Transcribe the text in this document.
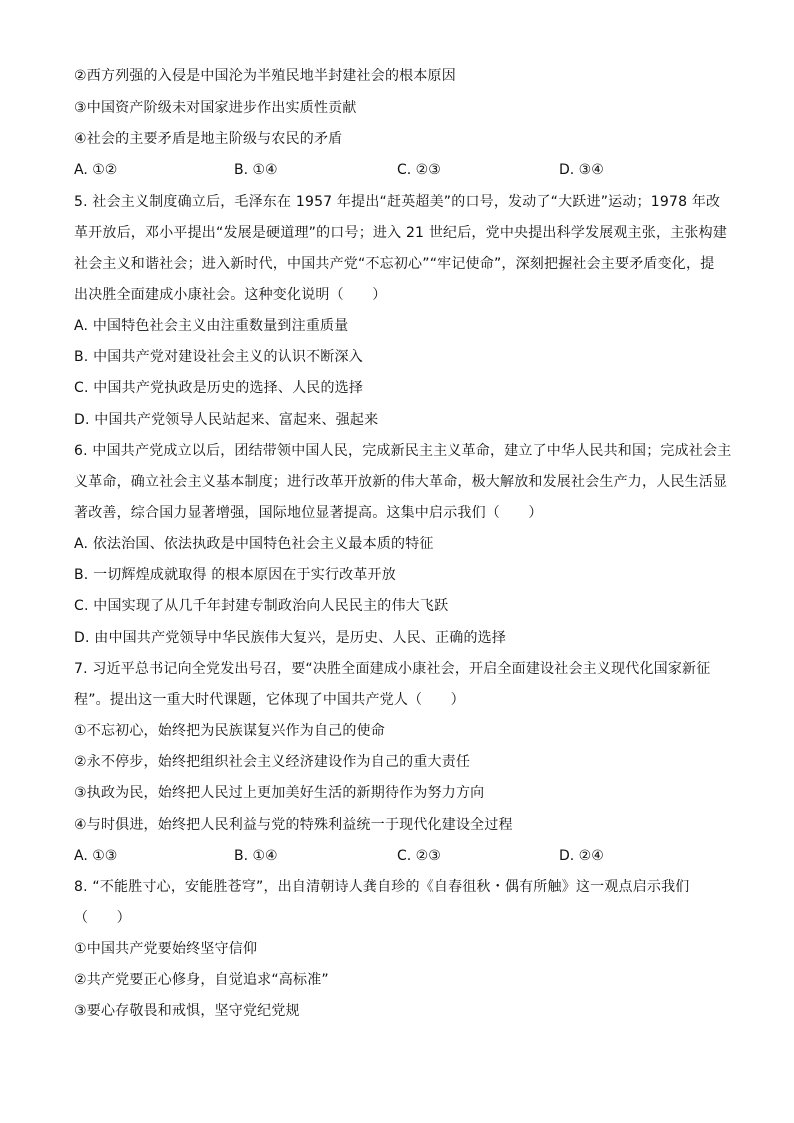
②西方列强的入侵是中国沦为半殖民地半封建社会的根本原因
③中国资产阶级未对国家进步作出实质性贡献
④社会的主要矛盾是地主阶级与农民的矛盾
A. ①②	B. ①④	C. ②③	D. ③④
5. 社会主义制度确立后，毛泽东在 1957 年提出“赶英超美”的口号，发动了“大跃进”运动；1978 年改
革开放后，邓小平提出“发展是硬道理”的口号；进入 21 世纪后，党中央提出科学发展观主张，主张构建
社会主义和谐社会；进入新时代，中国共产党“不忘初心”“牢记使命”，深刻把握社会主要矛盾变化，提
出决胜全面建成小康社会。这种变化说明（　　）
A. 中国特色社会主义由注重数量到注重质量
B. 中国共产党对建设社会主义的认识不断深入
C. 中国共产党执政是历史的选择、人民的选择
D. 中国共产党领导人民站起来、富起来、强起来
6. 中国共产党成立以后，团结带领中国人民，完成新民主主义革命，建立了中华人民共和国；完成社会主
义革命，确立社会主义基本制度；进行改革开放新的伟大革命，极大解放和发展社会生产力，人民生活显
著改善，综合国力显著增强，国际地位显著提高。这集中启示我们（　　）
A. 依法治国、依法执政是中国特色社会主义最本质的特征
B. 一切辉煌成就取得 的根本原因在于实行改革开放
C. 中国实现了从几千年封建专制政治向人民民主的伟大飞跃
D. 由中国共产党领导中华民族伟大复兴，是历史、人民、正确的选择
7. 习近平总书记向全党发出号召，要“决胜全面建成小康社会，开启全面建设社会主义现代化国家新征
程”。提出这一重大时代课题，它体现了中国共产党人（　　）
①不忘初心，始终把为民族谋复兴作为自己的使命
②永不停步，始终把组织社会主义经济建设作为自己的重大责任
③执政为民，始终把人民过上更加美好生活的新期待作为努力方向
④与时俱进，始终把人民利益与党的特殊利益统一于现代化建设全过程
A. ①③	B. ①④	C. ②③	D. ②④
8. “不能胜寸心，安能胜苍穹”，出自清朝诗人龚自珍的《自春徂秋・偶有所触》这一观点启示我们
（　　）
①中国共产党要始终坚守信仰
②共产党要正心修身，自觉追求“高标准”
③要心存敬畏和戒惧，坚守党纪党规
